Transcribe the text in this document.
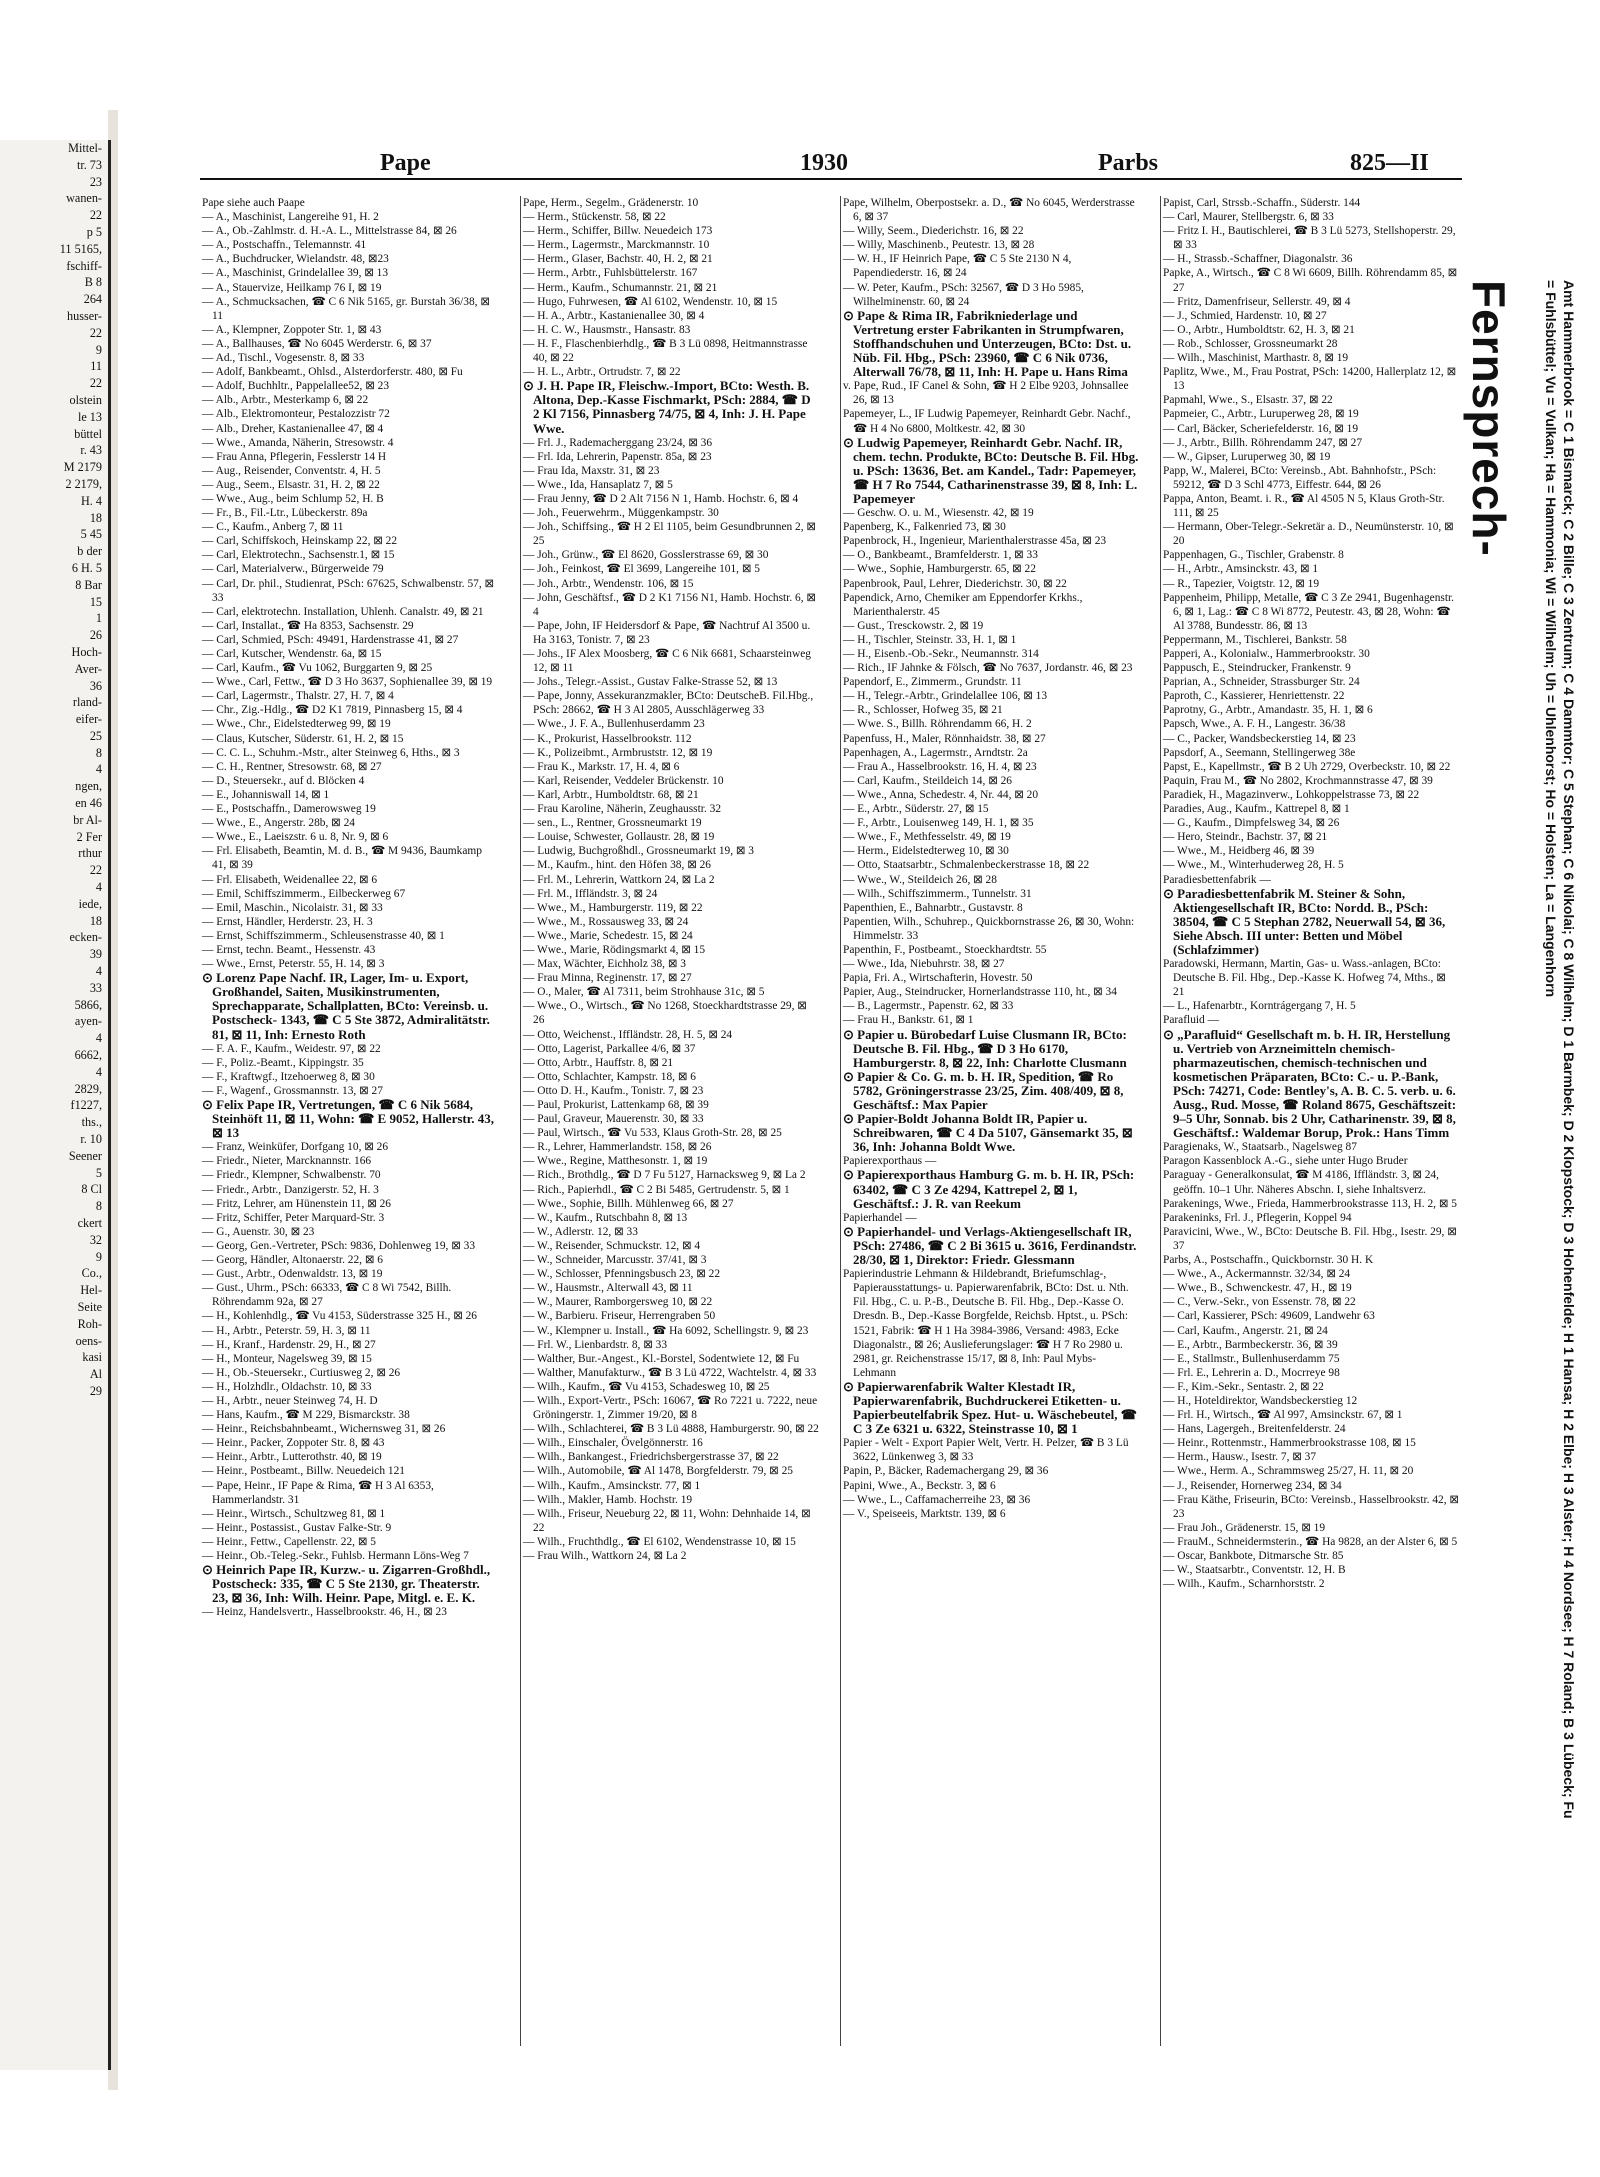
Mittel-
tr. 73
23
wanen-
22
p 5
11 5165,
fschiff-
B 8
264
husser-
22
9
11
22
olstein
le 13
büttel
r. 43
M 2179
2 2179,
H. 4
18
5 45
b der
6 H. 5
8 Bar
15
1
26
Hoch-
Aver-
36
rland-
eifer-
25
8
4
ngen,
en 46
br Al-
2 Fer
rthur
22
4
iede,
18
ecken-
39
4
33
5866,
ayen-
4
6662,
4
2829,
f1227,
ths.,
r. 10
Seener
5
8 Cl
8
ckert
32
9
Co.,
Hel-
Seite
Roh-
oens-
kasi
Al
29
Pape	1930	Parbs	825—II

Pape siehe auch Paape

— A., Maschinist, Langereihe 91, H. 2

— A., Ob.-Zahlmstr. d. H.-A. L., Mittelstrasse 84, ⊠ 26

— A., Postschaffn., Telemannstr. 41

— A., Buchdrucker, Wielandstr. 48, ⊠23

— A., Maschinist, Grindelallee 39, ⊠ 13

— A., Stauervize, Heilkamp 76 I, ⊠ 19

— A., Schmucksachen, ☎ C 6 Nik 5165, gr. Burstah 36/38, ⊠ 11

— A., Klempner, Zoppoter Str. 1, ⊠ 43

— A., Ballhauses, ☎ No 6045 Werderstr. 6, ⊠ 37

— Ad., Tischl., Vogesenstr. 8, ⊠ 33

— Adolf, Bankbeamt., Ohlsd., Alsterdorferstr. 480, ⊠ Fu

— Adolf, Buchhltr., Pappelallee52, ⊠ 23

— Alb., Arbtr., Mesterkamp 6, ⊠ 22

— Alb., Elektromonteur, Pestalozzistr 72

— Alb., Dreher, Kastanienallee 47, ⊠ 4

— Wwe., Amanda, Näherin, Stresowstr. 4

— Frau Anna, Pflegerin, Fesslerstr 14 H

— Aug., Reisender, Conventstr. 4, H. 5

— Aug., Seem., Elsastr. 31, H. 2, ⊠ 22

— Wwe., Aug., beim Schlump 52, H. B

— Fr., B., Fil.-Ltr., Lübeckerstr. 89a

— C., Kaufm., Anberg 7, ⊠ 11

— Carl, Schiffskoch, Heinskamp 22, ⊠ 22

— Carl, Elektrotechn., Sachsenstr.1, ⊠ 15

— Carl, Materialverw., Bürgerweide 79

— Carl, Dr. phil., Studienrat, PSch: 67625, Schwalbenstr. 57, ⊠ 33

— Carl, elektrotechn. Installation, Uhlenh. Canalstr. 49, ⊠ 21

— Carl, Installat., ☎ Ha 8353, Sachsenstr. 29

— Carl, Schmied, PSch: 49491, Hardenstrasse 41, ⊠ 27

— Carl, Kutscher, Wendenstr. 6a, ⊠ 15

— Carl, Kaufm., ☎ Vu 1062, Burggarten 9, ⊠ 25

— Wwe., Carl, Fettw., ☎ D 3 Ho 3637, Sophienallee 39, ⊠ 19

— Carl, Lagermstr., Thalstr. 27, H. 7, ⊠ 4

— Chr., Zig.-Hdlg., ☎ D2 K1 7819, Pinnasberg 15, ⊠ 4

— Wwe., Chr., Eidelstedterweg 99, ⊠ 19

— Claus, Kutscher, Süderstr. 61, H. 2, ⊠ 15

— C. C. L., Schuhm.-Mstr., alter Steinweg 6, Hths., ⊠ 3

— C. H., Rentner, Stresowstr. 68, ⊠ 27

— D., Steuersekr., auf d. Blöcken 4

— E., Johanniswall 14, ⊠ 1

— E., Postschaffn., Damerowsweg 19

— Wwe., E., Angerstr. 28b, ⊠ 24

— Wwe., E., Laeiszstr. 6 u. 8, Nr. 9, ⊠ 6

— Frl. Elisabeth, Beamtin, M. d. B., ☎ M 9436, Baumkamp 41, ⊠ 39

— Frl. Elisabeth, Weidenallee 22, ⊠ 6

— Emil, Schiffszimmerm., Eilbeckerweg 67

— Emil, Maschin., Nicolaistr. 31, ⊠ 33

— Ernst, Händler, Herderstr. 23, H. 3

— Ernst, Schiffszimmerm., Schleusenstrasse 40, ⊠ 1

— Ernst, techn. Beamt., Hessenstr. 43

— Wwe., Ernst, Peterstr. 55, H. 14, ⊠ 3

⊙ Lorenz Pape Nachf. IR, Lager, Im- u. Export, Großhandel, Saiten, Musikinstrumenten, Sprechapparate, Schallplatten, BCto: Vereinsb. u. Postscheck- 1343, ☎ C 5 Ste 3872, Admiralitätstr. 81, ⊠ 11, Inh: Ernesto Roth

— F. A. F., Kaufm., Weidestr. 97, ⊠ 22

— F., Poliz.-Beamt., Kippingstr. 35

— F., Kraftwgf., Itzehoerweg 8, ⊠ 30

— F., Wagenf., Grossmannstr. 13, ⊠ 27

⊙ Felix Pape IR, Vertretungen, ☎ C 6 Nik 5684, Steinhöft 11, ⊠ 11, Wohn: ☎ E 9052, Hallerstr. 43, ⊠ 13

— Franz, Weinküfer, Dorfgang 10, ⊠ 26

— Friedr., Nieter, Marcknannstr. 166

— Friedr., Klempner, Schwalbenstr. 70

— Friedr., Arbtr., Danzigerstr. 52, H. 3

— Fritz, Lehrer, am Hünenstein 11, ⊠ 26

— Fritz, Schiffer, Peter Marquard-Str. 3

— G., Auenstr. 30, ⊠ 23

— Georg, Gen.-Vertreter, PSch: 9836, Dohlenweg 19, ⊠ 33

— Georg, Händler, Altonaerstr. 22, ⊠ 6

— Gust., Arbtr., Odenwaldstr. 13, ⊠ 19

— Gust., Uhrm., PSch: 66333, ☎ C 8 Wi 7542, Billh. Röhrendamm 92a, ⊠ 27

— H., Kohlenhdlg., ☎ Vu 4153, Süderstrasse 325 H., ⊠ 26

— H., Arbtr., Peterstr. 59, H. 3, ⊠ 11

— H., Kranf., Hardenstr. 29, H., ⊠ 27

— H., Monteur, Nagelsweg 39, ⊠ 15

— H., Ob.-Steuersekr., Curtiusweg 2, ⊠ 26

— H., Holzhdlr., Oldachstr. 10, ⊠ 33

— H., Arbtr., neuer Steinweg 74, H. D

— Hans, Kaufm., ☎ M 229, Bismarckstr. 38

— Heinr., Reichsbahnbeamt., Wichernsweg 31, ⊠ 26

— Heinr., Packer, Zoppoter Str. 8, ⊠ 43

— Heinr., Arbtr., Lutterothstr. 40, ⊠ 19

— Heinr., Postbeamt., Billw. Neuedeich 121

— Pape, Heinr., IF Pape & Rima, ☎ H 3 Al 6353, Hammerlandstr. 31

— Heinr., Wirtsch., Schultzweg 81, ⊠ 1

— Heinr., Postassist., Gustav Falke-Str. 9

— Heinr., Fettw., Capellenstr. 22, ⊠ 5

— Heinr., Ob.-Teleg.-Sekr., Fuhlsb. Hermann Löns-Weg 7

⊙ Heinrich Pape IR, Kurzw.- u. Zigarren-Großhdl., Postscheck: 335, ☎ C 5 Ste 2130, gr. Theaterstr. 23, ⊠ 36, Inh: Wilh. Heinr. Pape, Mitgl. e. E. K.

— Heinz, Handelsvertr., Hasselbrookstr. 46, H., ⊠ 23

Pape, Herm., Segelm., Grädenerstr. 10

— Herm., Stückenstr. 58, ⊠ 22

— Herm., Schiffer, Billw. Neuedeich 173

— Herm., Lagermstr., Marckmannstr. 10

— Herm., Glaser, Bachstr. 40, H. 2, ⊠ 21

— Herm., Arbtr., Fuhlsbüttelerstr. 167

— Herm., Kaufm., Schumannstr. 21, ⊠ 21

— Hugo, Fuhrwesen, ☎ Al 6102, Wendenstr. 10, ⊠ 15

— H. A., Arbtr., Kastanienallee 30, ⊠ 4

— H. C. W., Hausmstr., Hansastr. 83

— H. F., Flaschenbierhdlg., ☎ B 3 Lü 0898, Heitmannstrasse 40, ⊠ 22

— H. L., Arbtr., Ortrudstr. 7, ⊠ 22

⊙ J. H. Pape IR, Fleischw.-Import, BCto: Westh. B. Altona, Dep.-Kasse Fischmarkt, PSch: 2884, ☎ D 2 Kl 7156, Pinnasberg 74/75, ⊠ 4, Inh: J. H. Pape Wwe.

— Frl. J., Rademacherggang 23/24, ⊠ 36

— Frl. Ida, Lehrerin, Papenstr. 85a, ⊠ 23

— Frau Ida, Maxstr. 31, ⊠ 23

— Wwe., Ida, Hansaplatz 7, ⊠ 5

— Frau Jenny, ☎ D 2 Alt 7156 N 1, Hamb. Hochstr. 6, ⊠ 4

— Joh., Feuerwehrm., Müggenkampstr. 30

— Joh., Schiffsing., ☎ H 2 El 1105, beim Gesundbrunnen 2, ⊠ 25

— Joh., Grünw., ☎ El 8620, Gosslerstrasse 69, ⊠ 30

— Joh., Feinkost, ☎ El 3699, Langereihe 101, ⊠ 5

— Joh., Arbtr., Wendenstr. 106, ⊠ 15

— John, Geschäftsf., ☎ D 2 K1 7156 N1, Hamb. Hochstr. 6, ⊠ 4

— Pape, John, IF Heidersdorf & Pape, ☎ Nachtruf Al 3500 u. Ha 3163, Tonistr. 7, ⊠ 23

— Johs., IF Alex Moosberg, ☎ C 6 Nik 6681, Schaarsteinweg 12, ⊠ 11

— Johs., Telegr.-Assist., Gustav Falke-Strasse 52, ⊠ 13

— Pape, Jonny, Assekuranzmakler, BCto: DeutscheB. Fil.Hbg., PSch: 28662, ☎ H 3 Al 2805, Ausschlägerweg 33

— Wwe., J. F. A., Bullenhuserdamm 23

— K., Prokurist, Hasselbrookstr. 112

— K., Polizeibmt., Armbruststr. 12, ⊠ 19

— Frau K., Markstr. 17, H. 4, ⊠ 6

— Karl, Reisender, Veddeler Brückenstr. 10

— Karl, Arbtr., Humboldtstr. 68, ⊠ 21

— Frau Karoline, Näherin, Zeughausstr. 32

— sen., L., Rentner, Grossneumarkt 19

— Louise, Schwester, Gollaustr. 28, ⊠ 19

— Ludwig, Buchgroßhdl., Grossneumarkt 19, ⊠ 3

— M., Kaufm., hint. den Höfen 38, ⊠ 26

— Frl. M., Lehrerin, Wattkorn 24, ⊠ La 2

— Frl. M., Iffländstr. 3, ⊠ 24

— Wwe., M., Hamburgerstr. 119, ⊠ 22

— Wwe., M., Rossausweg 33, ⊠ 24

— Wwe., Marie, Schedestr. 15, ⊠ 24

— Wwe., Marie, Rödingsmarkt 4, ⊠ 15

— Max, Wächter, Eichholz 38, ⊠ 3

— Frau Minna, Reginenstr. 17, ⊠ 27

— O., Maler, ☎ Al 7311, beim Strohhause 31c, ⊠ 5

— Wwe., O., Wirtsch., ☎ No 1268, Stoeckhardtstrasse 29, ⊠ 26

— Otto, Weichenst., Iffländstr. 28, H. 5, ⊠ 24

— Otto, Lagerist, Parkallee 4/6, ⊠ 37

— Otto, Arbtr., Hauffstr. 8, ⊠ 21

— Otto, Schlachter, Kampstr. 18, ⊠ 6

— Otto D. H., Kaufm., Tonistr. 7, ⊠ 23

— Paul, Prokurist, Lattenkamp 68, ⊠ 39

— Paul, Graveur, Mauerenstr. 30, ⊠ 33

— Paul, Wirtsch., ☎ Vu 533, Klaus Groth-Str. 28, ⊠ 25

— R., Lehrer, Hammerlandstr. 158, ⊠ 26

— Wwe., Regine, Matthesonstr. 1, ⊠ 19

— Rich., Brothdlg., ☎ D 7 Fu 5127, Harnacksweg 9, ⊠ La 2

— Rich., Papierhdl., ☎ C 2 Bi 5485, Gertrudenstr. 5, ⊠ 1

— Wwe., Sophie, Billh. Mühlenweg 66, ⊠ 27

— W., Kaufm., Rutschbahn 8, ⊠ 13

— W., Adlerstr. 12, ⊠ 33

— W., Reisender, Schmuckstr. 12, ⊠ 4

— W., Schneider, Marcusstr. 37/41, ⊠ 3

— W., Schlosser, Pfenningsbusch 23, ⊠ 22

— W., Hausmstr., Alterwall 43, ⊠ 11

— W., Maurer, Ramborgersweg 10, ⊠ 22

— W., Barbieru. Friseur, Herrengraben 50

— W., Klempner u. Install., ☎ Ha 6092, Schellingstr. 9, ⊠ 23

— Frl. W., Lienbardstr. 8, ⊠ 33

— Walther, Bur.-Angest., Kl.-Borstel, Sodentwiete 12, ⊠ Fu

— Walther, Manufakturw., ☎ B 3 Lü 4722, Wachtelstr. 4, ⊠ 33

— Wilh., Kaufm., ☎ Vu 4153, Schadesweg 10, ⊠ 25

— Wilh., Export-Vertr., PSch: 16067, ☎ Ro 7221 u. 7222, neue Gröningerstr. 1, Zimmer 19/20, ⊠ 8

— Wilh., Schlachterei, ☎ B 3 Lü 4888, Hamburgerstr. 90, ⊠ 22

— Wilh., Einschaler, Övelgönnerstr. 16

— Wilh., Bankangest., Friedrichsbergerstrasse 37, ⊠ 22

— Wilh., Automobile, ☎ Al 1478, Borgfelderstr. 79, ⊠ 25

— Wilh., Kaufm., Amsinckstr. 77, ⊠ 1

— Wilh., Makler, Hamb. Hochstr. 19

— Wilh., Friseur, Neueburg 22, ⊠ 11, Wohn: Dehnhaide 14, ⊠ 22

— Wilh., Fruchthdlg., ☎ El 6102, Wendenstrasse 10, ⊠ 15

— Frau Wilh., Wattkorn 24, ⊠ La 2

Pape, Wilhelm, Oberpostsekr. a. D., ☎ No 6045, Werderstrasse 6, ⊠ 37

— Willy, Seem., Diederichstr. 16, ⊠ 22

— Willy, Maschinenb., Peutestr. 13, ⊠ 28

— W. H., IF Heinrich Pape, ☎ C 5 Ste 2130 N 4, Papendiederstr. 16, ⊠ 24

— W. Peter, Kaufm., PSch: 32567, ☎ D 3 Ho 5985, Wilhelminenstr. 60, ⊠ 24

⊙ Pape & Rima IR, Fabrikniederlage und Vertretung erster Fabrikanten in Strumpfwaren, Stoffhandschuhen und Unterzeugen, BCto: Dst. u. Nüb. Fil. Hbg., PSch: 23960, ☎ C 6 Nik 0736, Alterwall 76/78, ⊠ 11, Inh: H. Pape u. Hans Rima

v. Pape, Rud., IF Canel & Sohn, ☎ H 2 Elbe 9203, Johnsallee 26, ⊠ 13

Papemeyer, L., IF Ludwig Papemeyer, Reinhardt Gebr. Nachf., ☎ H 4 No 6800, Moltkestr. 42, ⊠ 30

⊙ Ludwig Papemeyer, Reinhardt Gebr. Nachf. IR, chem. techn. Produkte, BCto: Deutsche B. Fil. Hbg. u. PSch: 13636, Bet. am Kandel., Tadr: Papemeyer, ☎ H 7 Ro 7544, Catharinenstrasse 39, ⊠ 8, Inh: L. Papemeyer

— Geschw. O. u. M., Wiesenstr. 42, ⊠ 19

Papenberg, K., Falkenried 73, ⊠ 30

Papenbrock, H., Ingenieur, Marienthalerstrasse 45a, ⊠ 23

— O., Bankbeamt., Bramfelderstr. 1, ⊠ 33

— Wwe., Sophie, Hamburgerstr. 65, ⊠ 22

Papenbrook, Paul, Lehrer, Diederichstr. 30, ⊠ 22

Papendick, Arno, Chemiker am Eppendorfer Krkhs., Marienthalerstr. 45

— Gust., Tresckowstr. 2, ⊠ 19

— H., Tischler, Steinstr. 33, H. 1, ⊠ 1

— H., Eisenb.-Ob.-Sekr., Neumannstr. 314

— Rich., IF Jahnke & Fölsch, ☎ No 7637, Jordanstr. 46, ⊠ 23

Papendorf, E., Zimmerm., Grundstr. 11

— H., Telegr.-Arbtr., Grindelallee 106, ⊠ 13

— R., Schlosser, Hofweg 35, ⊠ 21

— Wwe. S., Billh. Röhrendamm 66, H. 2

Papenfuss, H., Maler, Rönnhaidstr. 38, ⊠ 27

Papenhagen, A., Lagermstr., Arndtstr. 2a

— Frau A., Hasselbrookstr. 16, H. 4, ⊠ 23

— Carl, Kaufm., Steildeich 14, ⊠ 26

— Wwe., Anna, Schedestr. 4, Nr. 44, ⊠ 20

— E., Arbtr., Süderstr. 27, ⊠ 15

— F., Arbtr., Louisenweg 149, H. 1, ⊠ 35

— Wwe., F., Methfesselstr. 49, ⊠ 19

— Herm., Eidelstedterweg 10, ⊠ 30

— Otto, Staatsarbtr., Schmalenbeckerstrasse 18, ⊠ 22

— Wwe., W., Steildeich 26, ⊠ 28

— Wilh., Schiffszimmerm., Tunnelstr. 31

Papenthien, E., Bahnarbtr., Gustavstr. 8

Papentien, Wilh., Schuhrep., Quickbornstrasse 26, ⊠ 30, Wohn: Himmelstr. 33

Papenthin, F., Postbeamt., Stoeckhardtstr. 55

— Wwe., Ida, Niebuhrstr. 38, ⊠ 27

Papia, Fri. A., Wirtschafterin, Hovestr. 50

Papier, Aug., Steindrucker, Hornerlandstrasse 110, ht., ⊠ 34

— B., Lagermstr., Papenstr. 62, ⊠ 33

— Frau H., Bankstr. 61, ⊠ 1

⊙ Papier u. Bürobedarf Luise Clusmann IR, BCto: Deutsche B. Fil. Hbg., ☎ D 3 Ho 6170, Hamburgerstr. 8, ⊠ 22, Inh: Charlotte Clusmann

⊙ Papier & Co. G. m. b. H. IR, Spedition, ☎ Ro 5782, Gröningerstrasse 23/25, Zim. 408/409, ⊠ 8, Geschäftsf.: Max Papier

⊙ Papier-Boldt Johanna Boldt IR, Papier u. Schreibwaren, ☎ C 4 Da 5107, Gänsemarkt 35, ⊠ 36, Inh: Johanna Boldt Wwe.

Papierexporthaus —

⊙ Papierexporthaus Hamburg G. m. b. H. IR, PSch: 63402, ☎ C 3 Ze 4294, Kattrepel 2, ⊠ 1, Geschäftsf.: J. R. van Reekum

Papierhandel —

⊙ Papierhandel- und Verlags-Aktiengesellschaft IR, PSch: 27486, ☎ C 2 Bi 3615 u. 3616, Ferdinandstr. 28/30, ⊠ 1, Direktor: Friedr. Glessmann

Papierindustrie Lehmann & Hildebrandt, Briefumschlag-, Papierausstattungs- u. Papierwarenfabrik, BCto: Dst. u. Nth. Fil. Hbg., C. u. P.-B., Deutsche B. Fil. Hbg., Dep.-Kasse O. Dresdn. B., Dep.-Kasse Borgfelde, Reichsb. Hptst., u. PSch: 1521, Fabrik: ☎ H 1 Ha 3984-3986, Versand: 4983, Ecke Diagonalstr., ⊠ 26; Auslieferungslager: ☎ H 7 Ro 2980 u. 2981, gr. Reichenstrasse 15/17, ⊠ 8, Inh: Paul Mybs-Lehmann

⊙ Papierwarenfabrik Walter Klestadt IR, Papierwarenfabrik, Buchdruckerei Etiketten- u. Papierbeutelfabrik Spez. Hut- u. Wäschebeutel, ☎ C 3 Ze 6321 u. 6322, Steinstrasse 10, ⊠ 1

Papier - Welt - Export Papier Welt, Vertr. H. Pelzer, ☎ B 3 Lü 3622, Lünkenweg 3, ⊠ 33

Papin, P., Bäcker, Rademachergang 29, ⊠ 36

Papini, Wwe., A., Beckstr. 3, ⊠ 6

— Wwe., L., Caffamacherreihe 23, ⊠ 36

— V., Speiseeis, Marktstr. 139, ⊠ 6

Papist, Carl, Strssb.-Schaffn., Süderstr. 144

— Carl, Maurer, Stellbergstr. 6, ⊠ 33

— Fritz I. H., Bautischlerei, ☎ B 3 Lü 5273, Stellshoperstr. 29, ⊠ 33

— H., Strassb.-Schaffner, Diagonalstr. 36

Papke, A., Wirtsch., ☎ C 8 Wi 6609, Billh. Röhrendamm 85, ⊠ 27

— Fritz, Damenfriseur, Sellerstr. 49, ⊠ 4

— J., Schmied, Hardenstr. 10, ⊠ 27

— O., Arbtr., Humboldtstr. 62, H. 3, ⊠ 21

— Rob., Schlosser, Grossneumarkt 28

— Wilh., Maschinist, Marthastr. 8, ⊠ 19

Paplitz, Wwe., M., Frau Postrat, PSch: 14200, Hallerplatz 12, ⊠ 13

Papmahl, Wwe., S., Elsastr. 37, ⊠ 22

Papmeier, C., Arbtr., Luruperweg 28, ⊠ 19

— Carl, Bäcker, Scheriefelderstr. 16, ⊠ 19

— J., Arbtr., Billh. Röhrendamm 247, ⊠ 27

— W., Gipser, Luruperweg 30, ⊠ 19

Papp, W., Malerei, BCto: Vereinsb., Abt. Bahnhofstr., PSch: 59212, ☎ D 3 Schl 4773, Eiffestr. 644, ⊠ 26

Pappa, Anton, Beamt. i. R., ☎ Al 4505 N 5, Klaus Groth-Str. 111, ⊠ 25

— Hermann, Ober-Telegr.-Sekretär a. D., Neumünsterstr. 10, ⊠ 20

Pappenhagen, G., Tischler, Grabenstr. 8

— H., Arbtr., Amsinckstr. 43, ⊠ 1

— R., Tapezier, Voigtstr. 12, ⊠ 19

Pappenheim, Philipp, Metalle, ☎ C 3 Ze 2941, Bugenhagenstr. 6, ⊠ 1, Lag.: ☎ C 8 Wi 8772, Peutestr. 43, ⊠ 28, Wohn: ☎ Al 3788, Bundesstr. 86, ⊠ 13

Peppermann, M., Tischlerei, Bankstr. 58

Papperi, A., Kolonialw., Hammerbrookstr. 30

Pappusch, E., Steindrucker, Frankenstr. 9

Paprian, A., Schneider, Strassburger Str. 24

Paproth, C., Kassierer, Henriettenstr. 22

Paprotny, G., Arbtr., Amandastr. 35, H. 1, ⊠ 6

Papsch, Wwe., A. F. H., Langestr. 36/38

— C., Packer, Wandsbeckerstieg 14, ⊠ 23

Papsdorf, A., Seemann, Stellingerweg 38e

Papst, E., Kapellmstr., ☎ B 2 Uh 2729, Overbeckstr. 10, ⊠ 22

Paquin, Frau M., ☎ No 2802, Krochmannstrasse 47, ⊠ 39

Paradiek, H., Magazinverw., Lohkoppelstrasse 73, ⊠ 22

Paradies, Aug., Kaufm., Kattrepel 8, ⊠ 1

— G., Kaufm., Dimpfelsweg 34, ⊠ 26

— Hero, Steindr., Bachstr. 37, ⊠ 21

— Wwe., M., Heidberg 46, ⊠ 39

— Wwe., M., Winterhuderweg 28, H. 5

Paradiesbettenfabrik —

⊙ Paradiesbettenfabrik M. Steiner & Sohn, Aktiengesellschaft IR, BCto: Nordd. B., PSch: 38504, ☎ C 5 Stephan 2782, Neuerwall 54, ⊠ 36, Siehe Absch. III unter: Betten und Möbel (Schlafzimmer)

Paradowski, Hermann, Martin, Gas- u. Wass.-anlagen, BCto: Deutsche B. Fil. Hbg., Dep.-Kasse K. Hofweg 74, Mths., ⊠ 21

— L., Hafenarbtr., Korntrágergang 7, H. 5

Parafluid —

⊙ „Parafluid“ Gesellschaft m. b. H. IR, Herstellung u. Vertrieb von Arzneimitteln chemisch-pharmazeutischen, chemisch-technischen und kosmetischen Präparaten, BCto: C.- u. P.-Bank, PSch: 74271, Code: Bentley's, A. B. C. 5. verb. u. 6. Ausg., Rud. Mosse, ☎ Roland 8675, Geschäftszeit: 9–5 Uhr, Sonnab. bis 2 Uhr, Catharinenstr. 39, ⊠ 8, Geschäftsf.: Waldemar Borup, Prok.: Hans Timm

Paragienaks, W., Staatsarb., Nagelsweg 87

Paragon Kassenblock A.-G., siehe unter Hugo Bruder

Paraguay - Generalkonsulat, ☎ M 4186, Iffländstr. 3, ⊠ 24, geöffn. 10–1 Uhr. Näheres Abschn. I, siehe Inhaltsverz.

Parakenings, Wwe., Frieda, Hammerbrookstrasse 113, H. 2, ⊠ 5

Parakeninks, Frl. J., Pflegerin, Koppel 94

Paravicini, Wwe., W., BCto: Deutsche B. Fil. Hbg., Isestr. 29, ⊠ 37

Parbs, A., Postschaffn., Quickbornstr. 30 H. K

— Wwe., A., Ackermannstr. 32/34, ⊠ 24

— Wwe., B., Schwenckestr. 47, H., ⊠ 19

— C., Verw.-Sekr., von Essenstr. 78, ⊠ 22

— Carl, Kassierer, PSch: 49609, Landwehr 63

— Carl, Kaufm., Angerstr. 21, ⊠ 24

— E., Arbtr., Barmbeckerstr. 36, ⊠ 39

— E., Stallmstr., Bullenhuserdamm 75

— Frl. E., Lehrerin a. D., Mocrreye 98

— F., Kim.-Sekr., Sentastr. 2, ⊠ 22

— H., Hoteldirektor, Wandsbeckerstieg 12

— Frl. H., Wirtsch., ☎ Al 997, Amsinckstr. 67, ⊠ 1

— Hans, Lagergeh., Breitenfelderstr. 24

— Heinr., Rottenmstr., Hammerbrookstrasse 108, ⊠ 15

— Herm., Hausw., Isestr. 7, ⊠ 37

— Wwe., Herm. A., Schrammsweg 25/27, H. 11, ⊠ 20

— J., Reisender, Hornerweg 234, ⊠ 34

— Frau Käthe, Friseurin, BCto: Vereinsb., Hasselbrookstr. 42, ⊠ 23

— Frau Joh., Grädenerstr. 15, ⊠ 19

— FrauM., Schneidermsterin., ☎ Ha 9828, an der Alster 6, ⊠ 5

— Oscar, Bankbote, Ditmarsche Str. 85

— W., Staatsarbtr., Conventstr. 12, H. B

— Wilh., Kaufm., Scharnhorststr. 2

Fernsprech-	Amt Hammerbrook = C 1 Bismarck; C 2 Bille; C 3 Zentrum; C 4 Dammtor; C 5 Stephan; C 6 Nikolai; C 8 Wilhelm; D 1 Barmbek; D 2 Klopstock; D 3 Hohenfelde; H 1 Hansa; H 2 Elbe; H 3 Alster; H 4 Nordsee; H 7 Roland; B 3 Lübeck; Fu = Fuhlsbüttel; Vu = Vulkan; Ha = Hammonia; Wi = Wilhelm; Uh = Uhlenhorst; Ho = Holsten; La = Langenhorn
